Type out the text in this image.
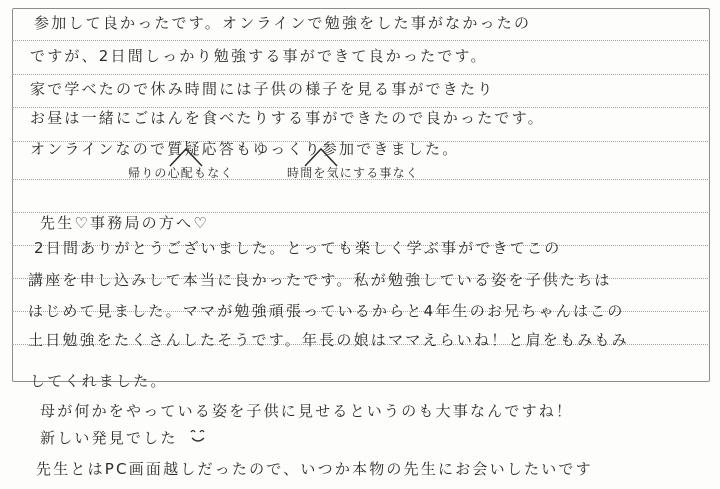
参加して良かったです。オンラインで勉強をした事がなかったの
ですが、2日間しっかり勉強する事ができて良かったです。
家で学べたので休み時間には子供の様子を見る事ができたり
お昼は一緒にごはんを食べたりする事ができたので良かったです。
オンラインなので質疑応答もゆっくり参加できました。
帰りの心配もなく	時間を気にする事なく
先生♡事務局の方へ♡
2日間ありがとうございました。とっても楽しく学ぶ事ができてこの
講座を申し込みして本当に良かったです。私が勉強している姿を子供たちは
はじめて見ました。ママが勉強頑張っているからと4年生のお兄ちゃんはこの
土日勉強をたくさんしたそうです。年長の娘はママえらいね！と肩をもみもみ
してくれました。
母が何かをやっている姿を子供に見せるというのも大事なんですね！
新しい発見でした
先生とはPC画面越しだったので、いつか本物の先生にお会いしたいです
